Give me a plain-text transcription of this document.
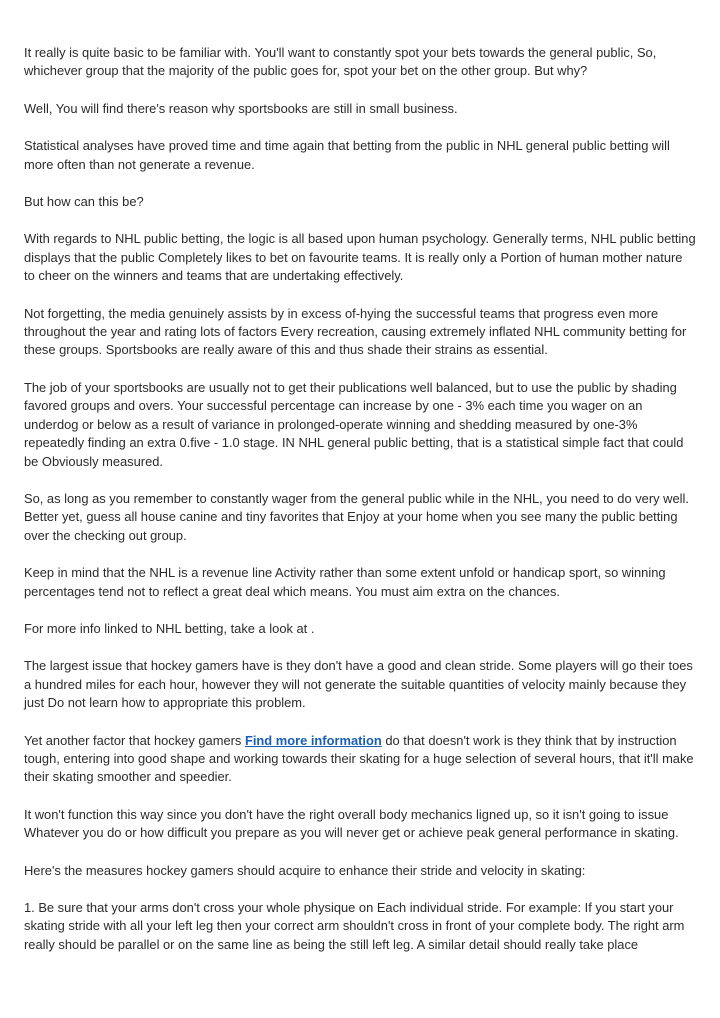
It really is quite basic to be familiar with. You'll want to constantly spot your bets towards the general public, So, whichever group that the majority of the public goes for, spot your bet on the other group. But why?

Well, You will find there's reason why sportsbooks are still in small business.

Statistical analyses have proved time and time again that betting from the public in NHL general public betting will more often than not generate a revenue.

But how can this be?

With regards to NHL public betting, the logic is all based upon human psychology. Generally terms, NHL public betting displays that the public Completely likes to bet on favourite teams. It is really only a Portion of human mother nature to cheer on the winners and teams that are undertaking effectively.

Not forgetting, the media genuinely assists by in excess of-hying the successful teams that progress even more throughout the year and rating lots of factors Every recreation, causing extremely inflated NHL community betting for these groups. Sportsbooks are really aware of this and thus shade their strains as essential.

The job of your sportsbooks are usually not to get their publications well balanced, but to use the public by shading favored groups and overs. Your successful percentage can increase by one - 3% each time you wager on an underdog or below as a result of variance in prolonged-operate winning and shedding measured by one-3% repeatedly finding an extra 0.five - 1.0 stage. IN NHL general public betting, that is a statistical simple fact that could be Obviously measured.

So, as long as you remember to constantly wager from the general public while in the NHL, you need to do very well. Better yet, guess all house canine and tiny favorites that Enjoy at your home when you see many the public betting over the checking out group.

Keep in mind that the NHL is a revenue line Activity rather than some extent unfold or handicap sport, so winning percentages tend not to reflect a great deal which means. You must aim extra on the chances.

For more info linked to NHL betting, take a look at .

The largest issue that hockey gamers have is they don't have a good and clean stride. Some players will go their toes a hundred miles for each hour, however they will not generate the suitable quantities of velocity mainly because they just Do not learn how to appropriate this problem.

Yet another factor that hockey gamers Find more information do that doesn't work is they think that by instruction tough, entering into good shape and working towards their skating for a huge selection of several hours, that it'll make their skating smoother and speedier.

It won't function this way since you don't have the right overall body mechanics ligned up, so it isn't going to issue Whatever you do or how difficult you prepare as you will never get or achieve peak general performance in skating.

Here's the measures hockey gamers should acquire to enhance their stride and velocity in skating:

1. Be sure that your arms don't cross your whole physique on Each individual stride. For example: If you start your skating stride with all your left leg then your correct arm shouldn't cross in front of your complete body. The right arm really should be parallel or on the same line as being the still left leg. A similar detail should really take place
